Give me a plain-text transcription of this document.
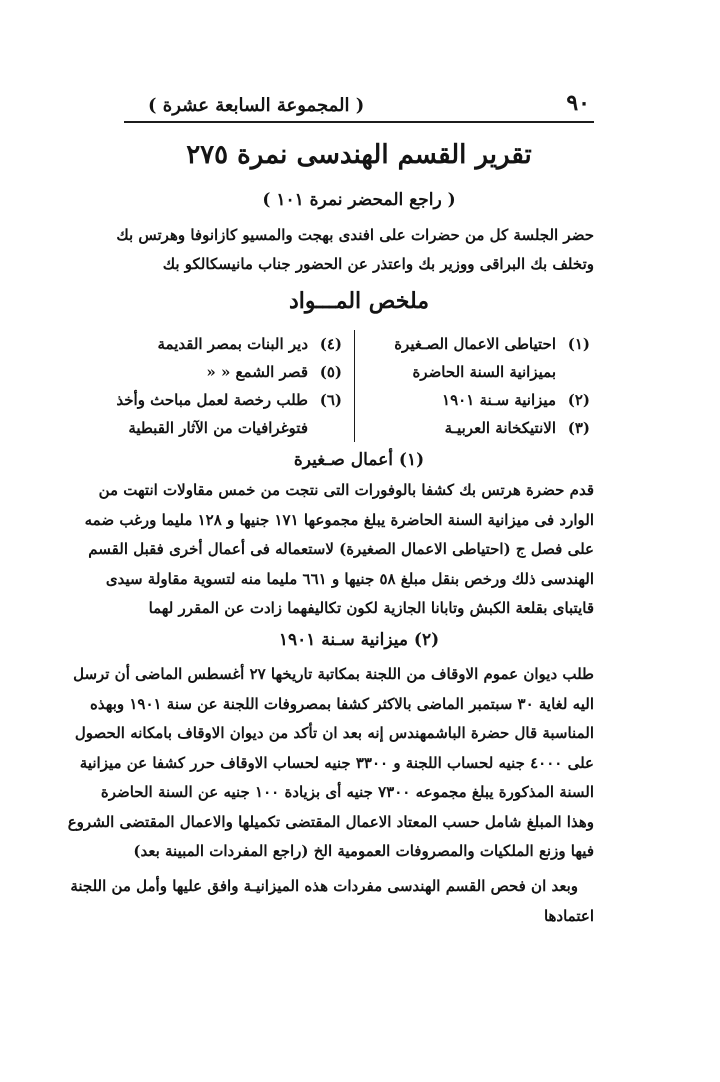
٩٠
( المجموعة السابعة عشرة )
تقرير القسم الهندسى نمرة ٢٧٥
( راجع المحضر نمرة ١٠١ )

حضر الجلسة كل من حضرات على افندى بهجت والمسيو كازانوفا وهرتس بك

وتخلف بك البراقى ووزير بك واعتذر عن الحضور جناب مانيسكالكو بك

ملخص المـــواد
(١)
احتياطى الاعمال الصـغيرة
بميزانية السنة الحاضرة
(٢)
ميزانية سـنة ١٩٠١
(٣)
الانتيكخانة العربيـة
(٤)
دير البنات بمصر القديمة
(٥)
قصر الشمع « «
(٦)
طلب رخصة لعمل مباحث وأخذ
فتوغرافيات من الآثار القبطية
(١) أعمال صـغيرة

قدم حضرة هرتس بك كشفا بالوفورات التى نتجت من خمس مقاولات انتهت من

الوارد فى ميزانية السنة الحاضرة يبلغ مجموعها ١٧١ جنيها و ١٢٨ مليما ورغب ضمه

على فصل ج (احتياطى الاعمال الصغيرة) لاستعماله فى أعمال أخرى فقبل القسم

الهندسى ذلك ورخص بنقل مبلغ ٥٨ جنيها و ٦٦١ مليما منه لتسوية مقاولة سيدى

قايتباى بقلعة الكبش وتابانا الجازية لكون تكاليفهما زادت عن المقرر لهما

(٢) ميزانية سـنة ١٩٠١

طلب ديوان عموم الاوقاف من اللجنة بمكاتبة تاريخها ٢٧ أغسطس الماضى أن ترسل

اليه لغاية ٣٠ سبتمبر الماضى بالاكثر كشفا بمصروفات اللجنة عن سنة ١٩٠١ وبهذه

المناسبة قال حضرة الباشمهندس إنه بعد ان تأكد من ديوان الاوقاف بامكانه الحصول

على ٤٠٠٠ جنيه لحساب اللجنة و ٣٣٠٠ جنيه لحساب الاوقاف حرر كشفا عن ميزانية

السنة المذكورة يبلغ مجموعه ٧٣٠٠ جنيه أى بزيادة ١٠٠ جنيه عن السنة الحاضرة

وهذا المبلغ شامل حسب المعتاد الاعمال المقتضى تكميلها والاعمال المقتضى الشروع

فيها وزنع الملكيات والمصروفات العمومية الخ (راجع المفردات المبينة بعد)

وبعد ان فحص القسم الهندسى مفردات هذه الميزانيـة وافق عليها وأمل من اللجنة

اعتمادها
